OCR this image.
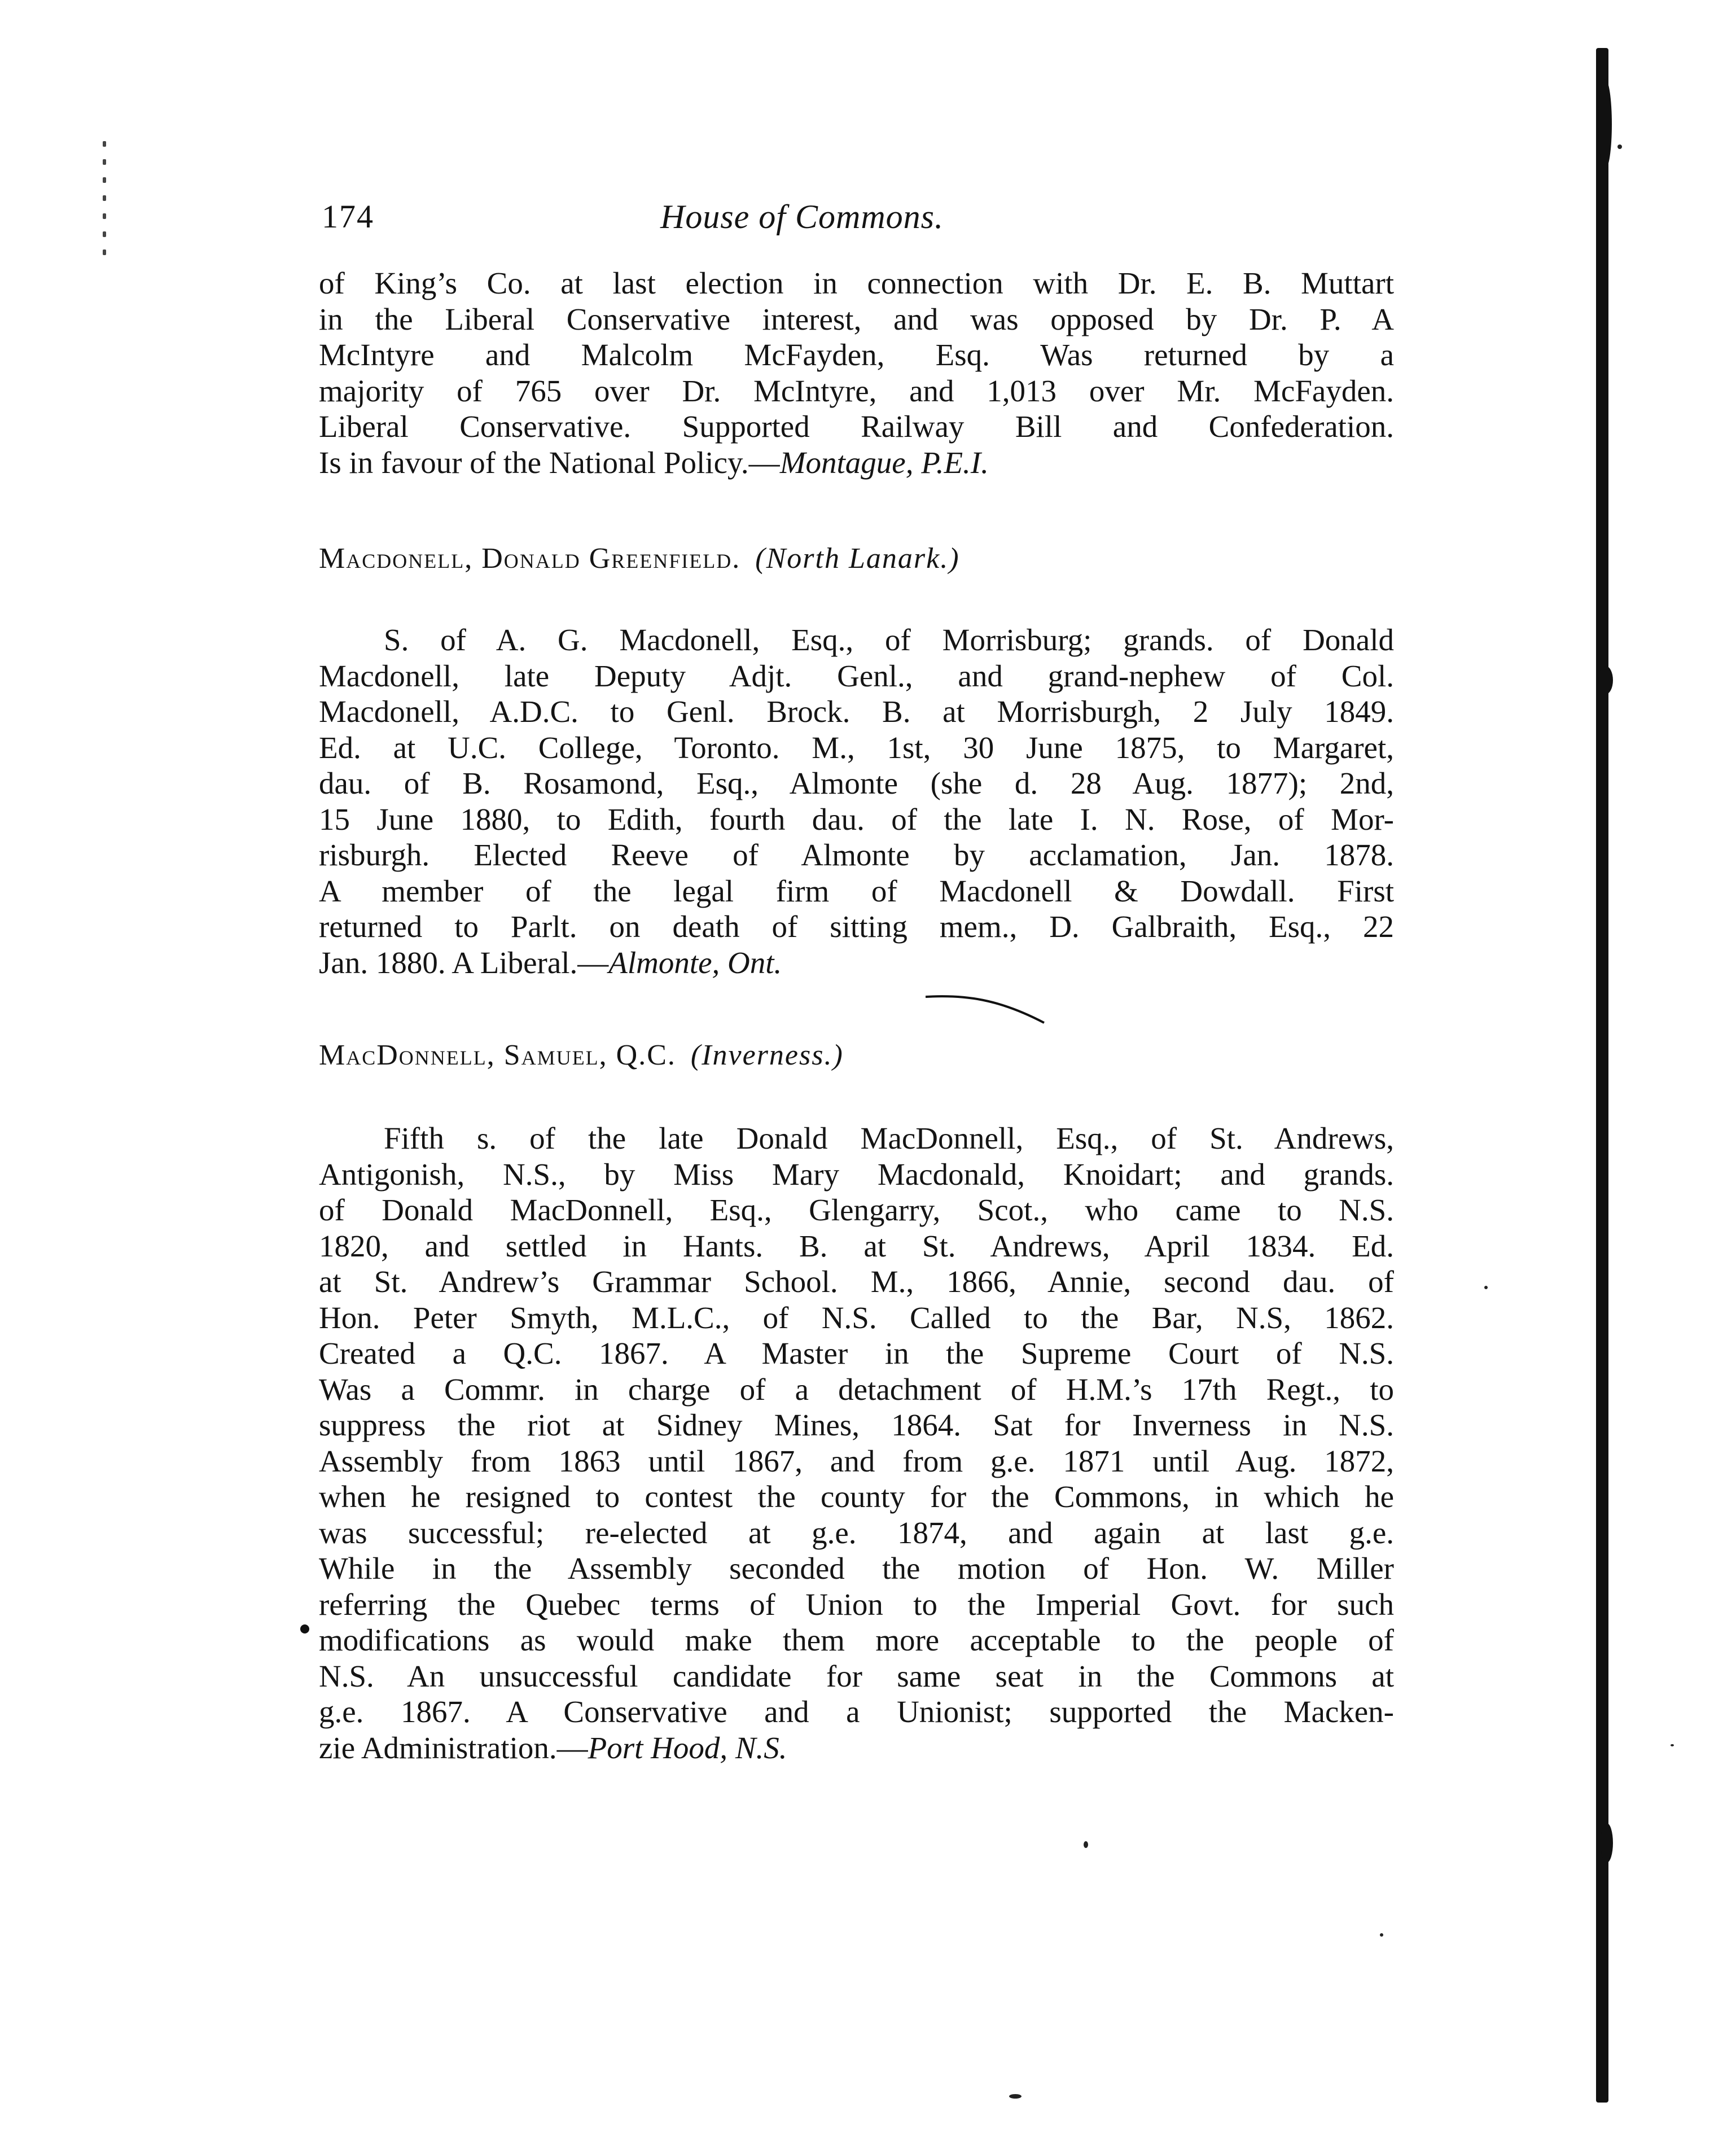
174	House of Commons.

of King’s Co. at last election in connection with Dr. E. B. Muttart
in the Liberal Conservative interest, and was opposed by Dr. P. A
McIntyre and Malcolm McFayden, Esq. Was returned by a
majority of 765 over Dr. McIntyre, and 1,013 over Mr. McFayden.
Liberal Conservative. Supported Railway Bill and Confederation.
Is in favour of the National Policy.—Montague, P.E.I.

Macdonell, Donald Greenfield. (North Lanark.)

S. of A. G. Macdonell, Esq., of Morrisburg; grands. of Donald
Macdonell, late Deputy Adjt. Genl., and grand-nephew of Col.
Macdonell, A.D.C. to Genl. Brock. B. at Morrisburgh, 2 July 1849.
Ed. at U.C. College, Toronto. M., 1st, 30 June 1875, to Margaret,
dau. of B. Rosamond, Esq., Almonte (she d. 28 Aug. 1877); 2nd,
15 June 1880, to Edith, fourth dau. of the late I. N. Rose, of Mor-
risburgh. Elected Reeve of Almonte by acclamation, Jan. 1878.
A member of the legal firm of Macdonell & Dowdall. First
returned to Parlt. on death of sitting mem., D. Galbraith, Esq., 22
Jan. 1880. A Liberal.—Almonte, Ont.

MacDonnell, Samuel, Q.C. (Inverness.)

Fifth s. of the late Donald MacDonnell, Esq., of St. Andrews,
Antigonish, N.S., by Miss Mary Macdonald, Knoidart; and grands.
of Donald MacDonnell, Esq., Glengarry, Scot., who came to N.S.
1820, and settled in Hants. B. at St. Andrews, April 1834. Ed.
at St. Andrew’s Grammar School. M., 1866, Annie, second dau. of
Hon. Peter Smyth, M.L.C., of N.S. Called to the Bar, N.S, 1862.
Created a Q.C. 1867. A Master in the Supreme Court of N.S.
Was a Commr. in charge of a detachment of H.M.’s 17th Regt., to
suppress the riot at Sidney Mines, 1864. Sat for Inverness in N.S.
Assembly from 1863 until 1867, and from g.e. 1871 until Aug. 1872,
when he resigned to contest the county for the Commons, in which he
was successful; re-elected at g.e. 1874, and again at last g.e.
While in the Assembly seconded the motion of Hon. W. Miller
referring the Quebec terms of Union to the Imperial Govt. for such
modifications as would make them more acceptable to the people of
N.S. An unsuccessful candidate for same seat in the Commons at
g.e. 1867. A Conservative and a Unionist; supported the Macken-
zie Administration.—Port Hood, N.S.
